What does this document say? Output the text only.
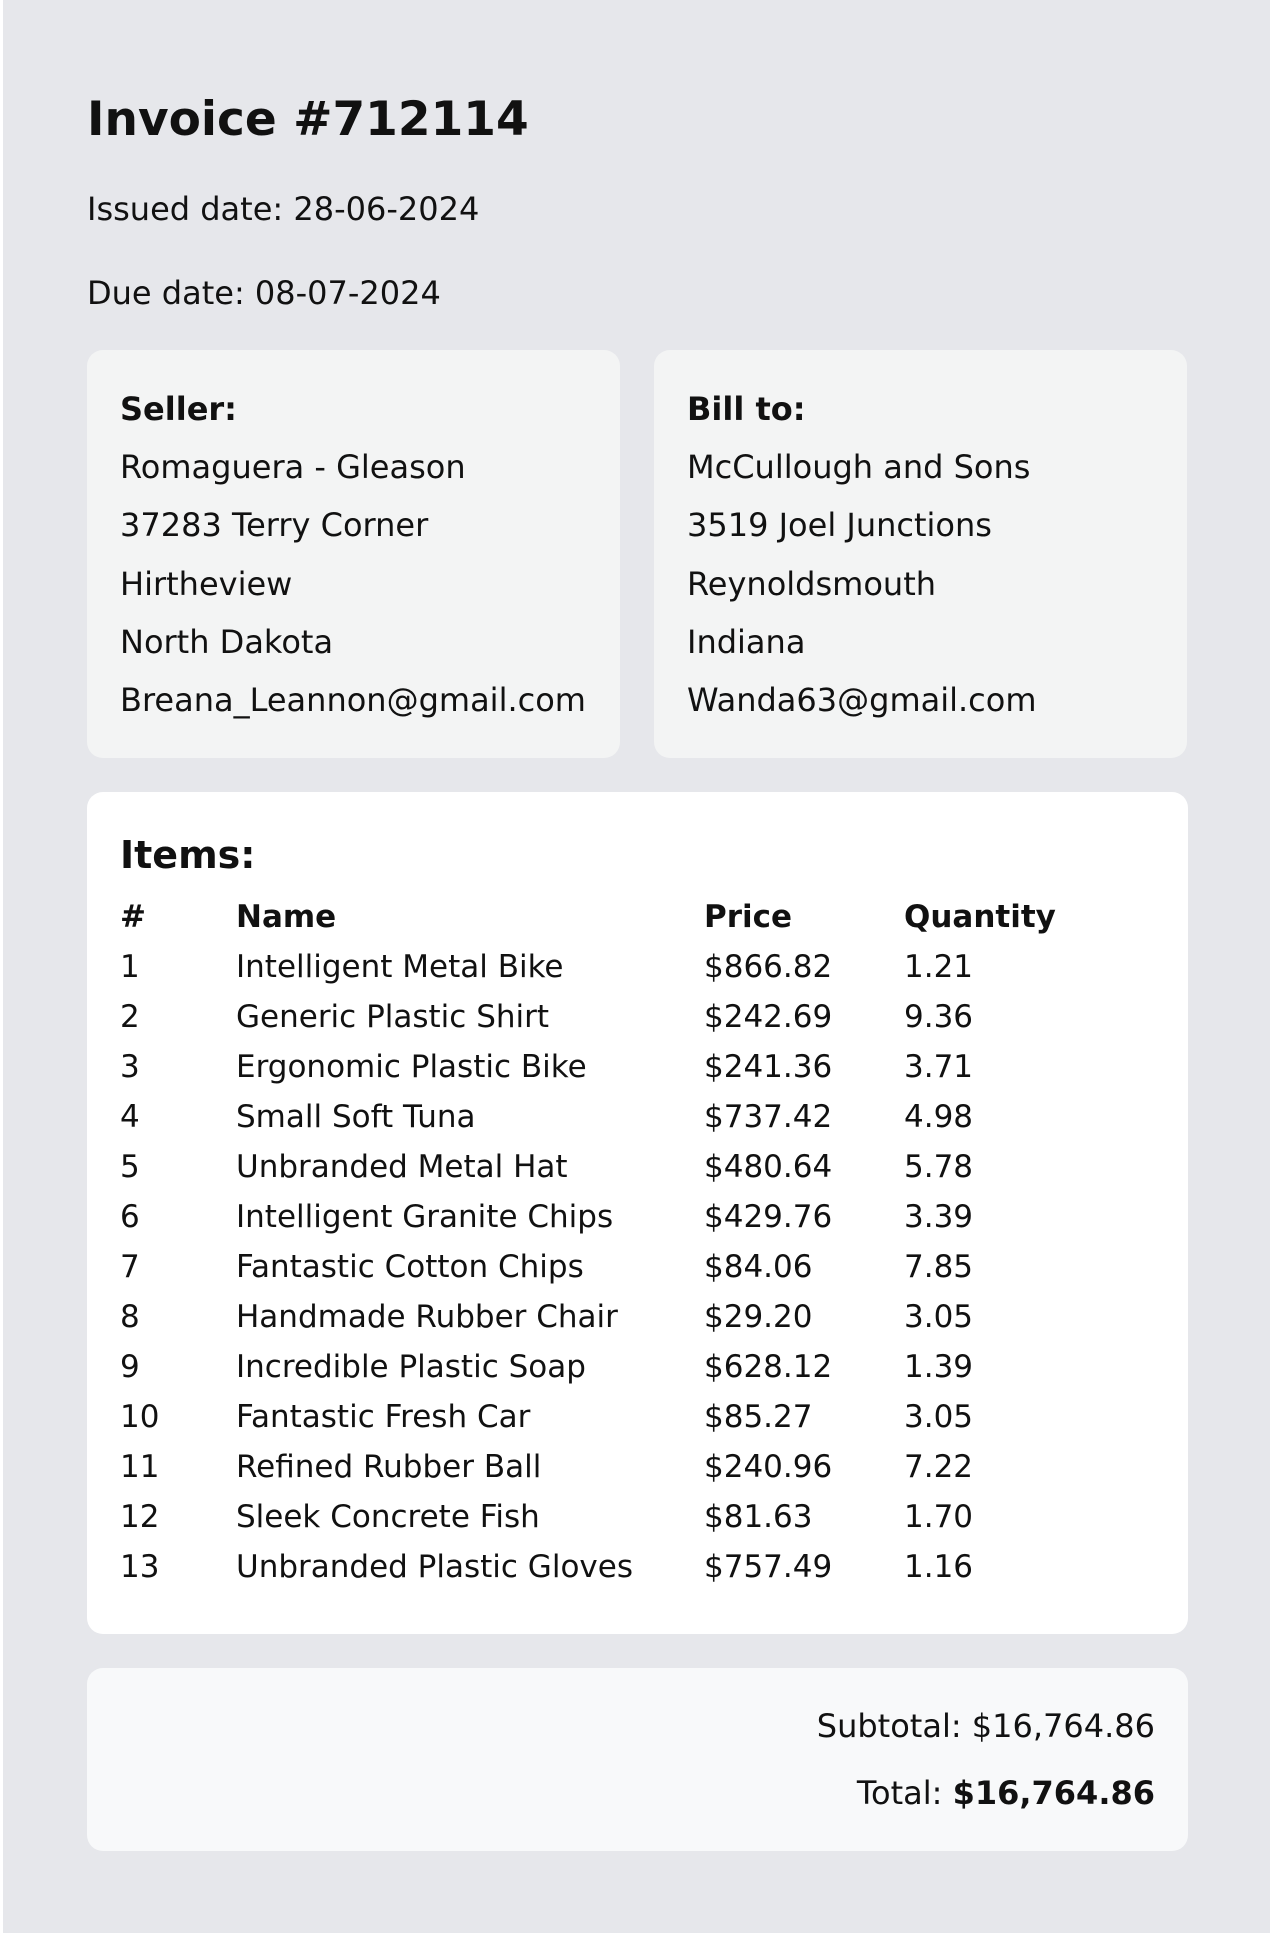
Invoice #712114

Issued date: 28-06-2024

Due date: 08-07-2024

Seller:

Romaguera - Gleason

37283 Terry Corner

Hirtheview

North Dakota

Breana_Leannon@gmail.com

Bill to:

McCullough and Sons

3519 Joel Junctions

Reynoldsmouth

Indiana

Wanda63@gmail.com

Items:
#	Name	Price	Quantity
1	Intelligent Metal Bike	$866.82	1.21
2	Generic Plastic Shirt	$242.69	9.36
3	Ergonomic Plastic Bike	$241.36	3.71
4	Small Soft Tuna	$737.42	4.98
5	Unbranded Metal Hat	$480.64	5.78
6	Intelligent Granite Chips	$429.76	3.39
7	Fantastic Cotton Chips	$84.06	7.85
8	Handmade Rubber Chair	$29.20	3.05
9	Incredible Plastic Soap	$628.12	1.39
10	Fantastic Fresh Car	$85.27	3.05
11	Refined Rubber Ball	$240.96	7.22
12	Sleek Concrete Fish	$81.63	1.70
13	Unbranded Plastic Gloves	$757.49	1.16

Subtotal: $16,764.86

Total: $16,764.86
